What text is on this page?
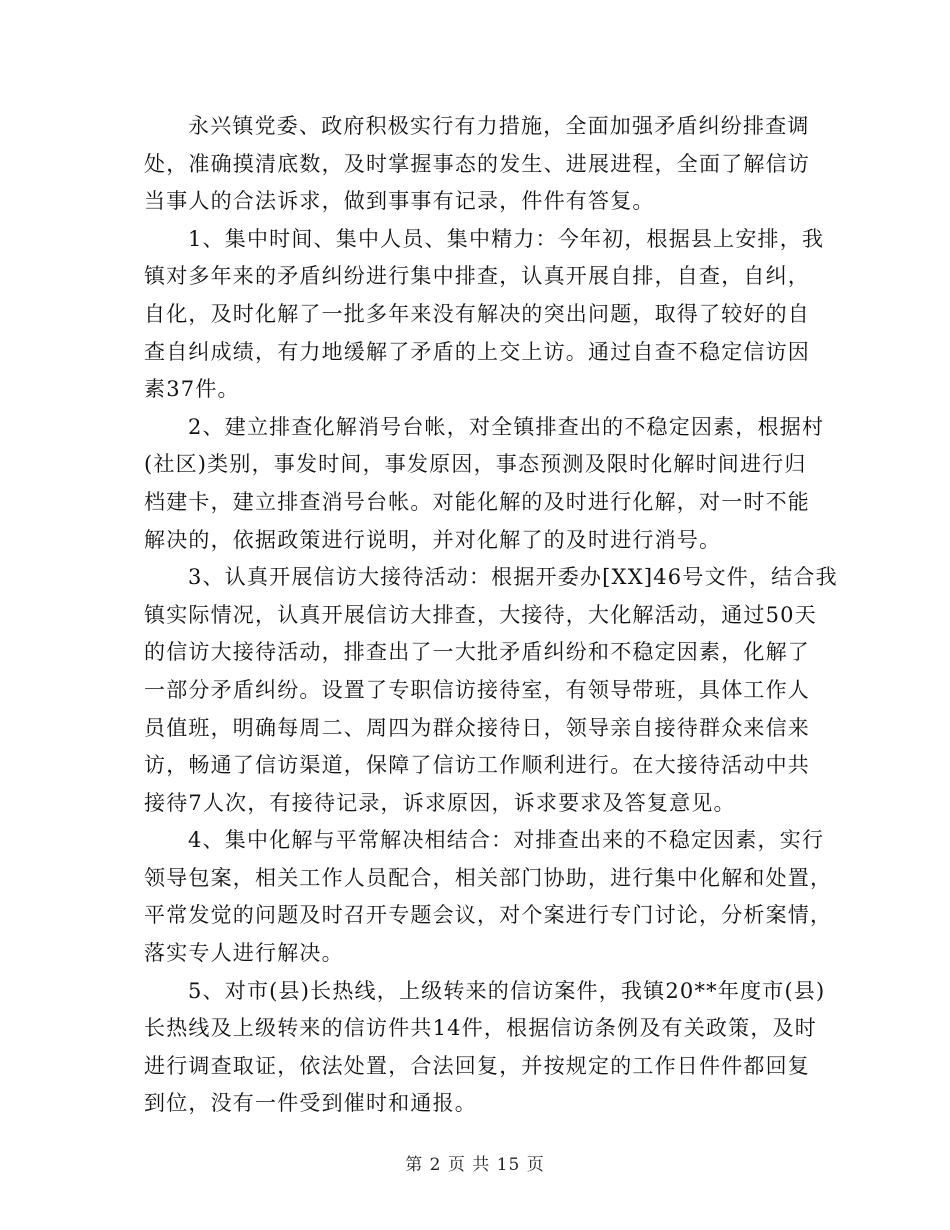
永兴镇党委、政府积极实行有力措施，全面加强矛盾纠纷排查调
处，准确摸清底数，及时掌握事态的发生、进展进程，全面了解信访
当事人的合法诉求，做到事事有记录，件件有答复。

1、集中时间、集中人员、集中精力：今年初，根据县上安排，我
镇对多年来的矛盾纠纷进行集中排查，认真开展自排，自查，自纠，
自化，及时化解了一批多年来没有解决的突出问题，取得了较好的自
查自纠成绩，有力地缓解了矛盾的上交上访。通过自查不稳定信访因
素37件。

2、建立排查化解消号台帐，对全镇排查出的不稳定因素，根据村
(社区)类别，事发时间，事发原因，事态预测及限时化解时间进行归
档建卡，建立排查消号台帐。对能化解的及时进行化解，对一时不能
解决的，依据政策进行说明，并对化解了的及时进行消号。

3、认真开展信访大接待活动：根据开委办[XX]46号文件，结合我
镇实际情况，认真开展信访大排查，大接待，大化解活动，通过50天
的信访大接待活动，排查出了一大批矛盾纠纷和不稳定因素，化解了
一部分矛盾纠纷。设置了专职信访接待室，有领导带班，具体工作人
员值班，明确每周二、周四为群众接待日，领导亲自接待群众来信来
访，畅通了信访渠道，保障了信访工作顺利进行。在大接待活动中共
接待7人次，有接待记录，诉求原因，诉求要求及答复意见。

4、集中化解与平常解决相结合：对排查出来的不稳定因素，实行
领导包案，相关工作人员配合，相关部门协助，进行集中化解和处置，
平常发觉的问题及时召开专题会议，对个案进行专门讨论，分析案情，
落实专人进行解决。

5、对市(县)长热线，上级转来的信访案件，我镇20**年度市(县)
长热线及上级转来的信访件共14件，根据信访条例及有关政策，及时
进行调查取证，依法处置，合法回复，并按规定的工作日件件都回复
到位，没有一件受到催时和通报。

第 2 页 共 15 页
